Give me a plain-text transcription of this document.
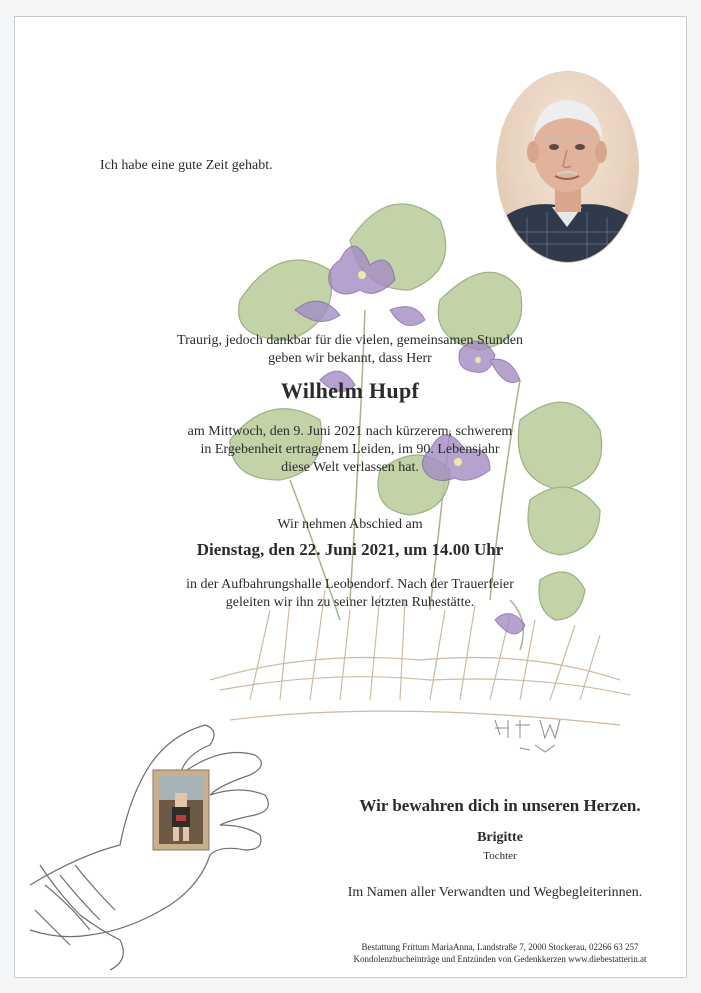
Ich habe eine gute Zeit gehabt.
Traurig, jedoch dankbar für die vielen, gemeinsamen Stunden
geben wir bekannt, dass Herr
Wilhelm Hupf
am Mittwoch, den 9. Juni 2021 nach kürzerem, schwerem
in Ergebenheit ertragenem Leiden, im 90. Lebensjahr
diese Welt verlassen hat.
Wir nehmen Abschied am
Dienstag, den 22. Juni 2021, um 14.00 Uhr
in der Aufbahrungshalle Leobendorf. Nach der Trauerfeier
geleiten wir ihn zu seiner letzten Ruhestätte.
Wir bewahren dich in unseren Herzen.
Brigitte
Tochter
Im Namen aller Verwandten und Wegbegleiterinnen.
Bestattung Frittum MariaAnna, Landstraße 7, 2000 Stockerau, 02266 63 257
Kondolenzbucheinträge und Entzünden von Gedenkkerzen www.diebestatterin.at
